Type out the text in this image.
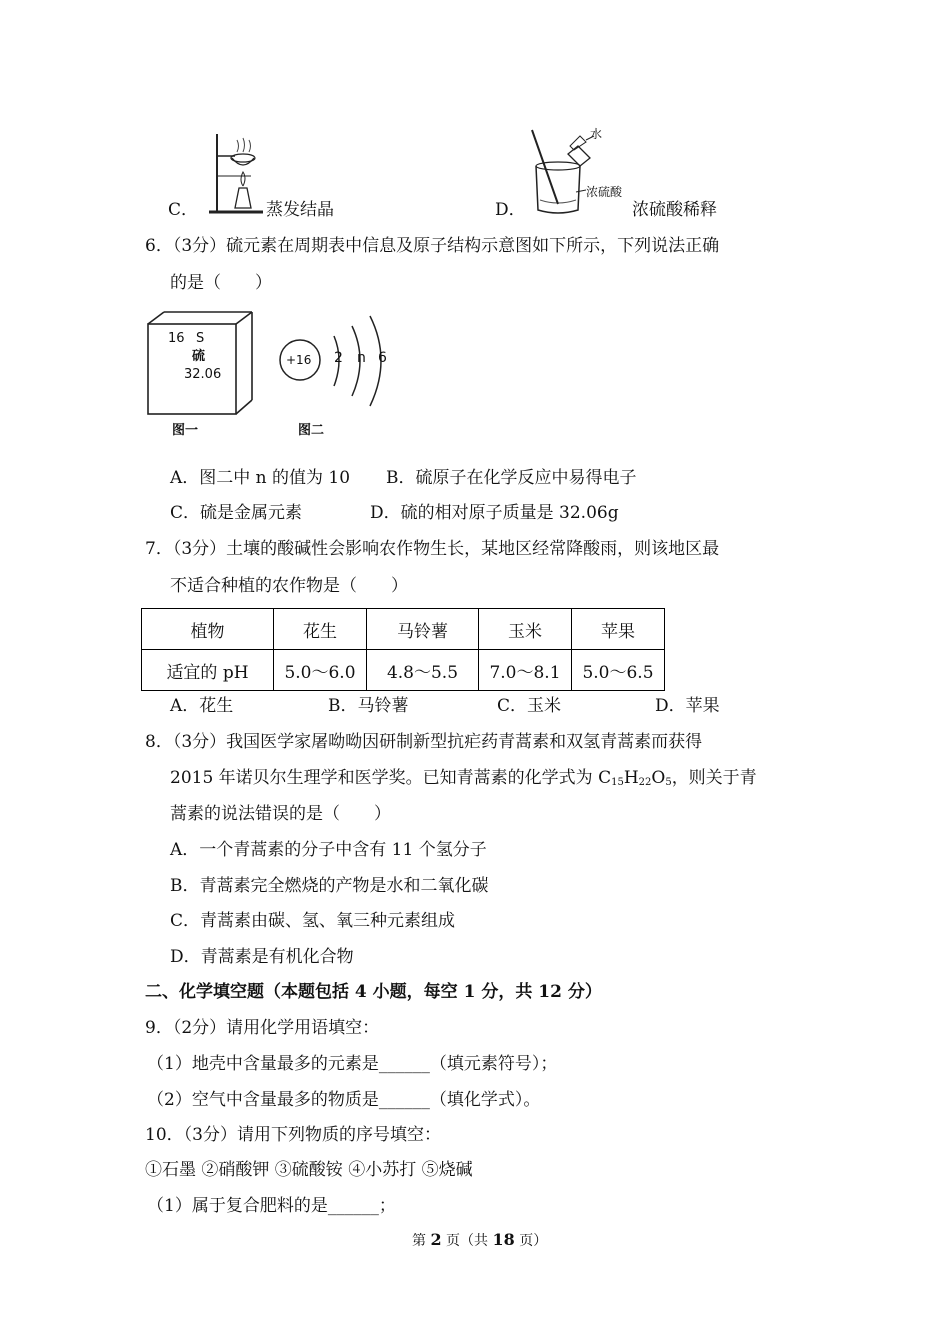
C．	蒸发结晶	D．
水
浓硫酸
浓硫酸稀释
6．（3分）硫元素在周期表中信息及原子结构示意图如下所示，下列说法正确
的是（　　）
16 S
硫
32.06
图一
+16 2 n 6
图二
A．图二中 n 的值为 10 B．硫原子在化学反应中易得电子
C．硫是金属元素	D．硫的相对原子质量是 32.06g
7．（3分）土壤的酸碱性会影响农作物生长，某地区经常降酸雨，则该地区最
不适合种植的农作物是（　　）
植物	花生	马铃薯	玉米	苹果
适宜的 pH	5.0～6.0	4.8～5.5	7.0～8.1	5.0～6.5
A．花生	B．马铃薯	C．玉米	D．苹果
8．（3分）我国医学家屠呦呦因研制新型抗疟药青蒿素和双氢青蒿素而获得
2015 年诺贝尔生理学和医学奖。已知青蒿素的化学式为 $C_{15}H_{22}O_5$，则关于青
蒿素的说法错误的是（　　）
A．一个青蒿素的分子中含有 11 个氢分子
B．青蒿素完全燃烧的产物是水和二氧化碳
C．青蒿素由碳、氢、氧三种元素组成
D．青蒿素是有机化合物
二、化学填空题（本题包括 4 小题，每空 1 分，共 12 分）
9．（2分）请用化学用语填空：
（1）地壳中含量最多的元素是______（填元素符号）；
（2）空气中含量最多的物质是______（填化学式）。
10．（3分）请用下列物质的序号填空：
①石墨 ②硝酸钾 ③硫酸铵 ④小苏打 ⑤烧碱
（1）属于复合肥料的是______；
第 2 页（共 18 页）
